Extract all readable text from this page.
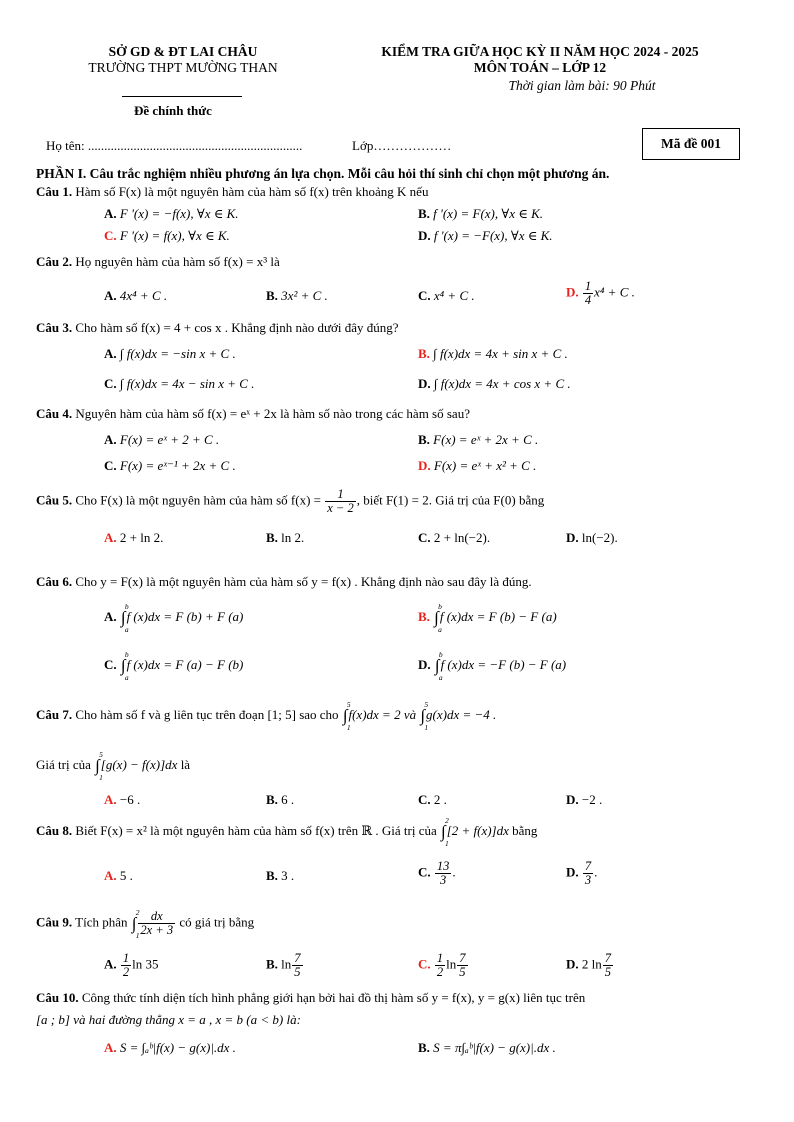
SỞ GD & ĐT LAI CHÂU
TRƯỜNG THPT MƯỜNG THAN
Đề chính thức
KIỂM TRA GIỮA HỌC KỲ II NĂM HỌC 2024 - 2025
MÔN TOÁN – LỚP 12
Thời gian làm bài: 90 Phút
Họ tên: ..................................................................	Lớp………………	Mã đề 001
PHẦN I. Câu trắc nghiệm nhiều phương án lựa chọn. Mỗi câu hỏi thí sinh chỉ chọn một phương án.
Câu 1. Hàm số F(x) là một nguyên hàm của hàm số f(x) trên khoảng K nếu
A. F '(x) = −f(x), ∀x ∈ K.	B. f '(x) = F(x), ∀x ∈ K.
C. F '(x) = f(x), ∀x ∈ K.	D. f '(x) = −F(x), ∀x ∈ K.
Câu 2. Họ nguyên hàm của hàm số f(x) = x³ là
A. 4x⁴ + C .	B. 3x² + C .	C. x⁴ + C .	D. $\frac{1}{4} x^4 + C$ .
Câu 3. Cho hàm số f(x) = 4 + cos x . Khẳng định nào dưới đây đúng?
A. ∫ f(x)dx = −sin x + C .	B. ∫ f(x)dx = 4x + sin x + C .
C. ∫ f(x)dx = 4x − sin x + C .	D. ∫ f(x)dx = 4x + cos x + C .
Câu 4. Nguyên hàm của hàm số f(x) = eˣ + 2x là hàm số nào trong các hàm số sau?
A. F(x) = eˣ + 2 + C .	B. F(x) = eˣ + 2x + C .
C. F(x) = eˣ⁻¹ + 2x + C .	D. F(x) = eˣ + x² + C .
Câu 5. Cho F(x) là một nguyên hàm của hàm số $f(x) = \frac{1}{x - 2}$ , biết F(1) = 2. Giá trị của F(0) bằng
A. 2 + ln 2.	B. ln 2.	C. 2 + ln(−2).	D. ln(−2).
Câu 6. Cho y = F(x) là một nguyên hàm của hàm số y = f(x) . Khẳng định nào sau đây là đúng.
A. ∫
b
a
f (x)dx = F (b) + F (a)	B. ∫
b
a
f (x)dx = F (b) − F (a)
C. ∫
b
a
f (x)dx = F (a) − F (b)	D. ∫
b
a
f (x)dx = −F (b) − F (a)
Câu 7. Cho hàm số f và g liên tục trên đoạn [1; 5] sao cho ∫
5
1
f(x)dx = 2 và ∫
5
1
g(x)dx = −4 .
Giá trị của ∫
5
1
[g(x) − f(x)]dx là
A. −6 .	B. 6 .	C. 2 .	D. −2 .
Câu 8. Biết F(x) = x² là một nguyên hàm của hàm số f(x) trên ℝ . Giá trị của ∫
2
1
[2 + f(x)]dx bằng
A. 5 .	B. 3 .	C. $\frac{13}{3}$ .	D. $\frac{7}{3}$ .
Câu 9. Tích phân ∫
2
1
$\frac{dx}{2x + 3}$ có giá trị bằng
A. $\frac{1}{2}$ ln 35	B. $\ln \frac{7}{5}$	C. $\frac{1}{2}$ $\ln \frac{7}{5}$	D. 2 $\ln \frac{7}{5}$
Câu 10. Công thức tính diện tích hình phẳng giới hạn bởi hai đồ thị hàm số y = f(x), y = g(x) liên tục trên
[a ; b] và hai đường thẳng x = a , x = b (a < b) là:
A. S = ∫ₐᵇ|f(x) − g(x)|.dx .	B. S = π∫ₐᵇ|f(x) − g(x)|.dx .
